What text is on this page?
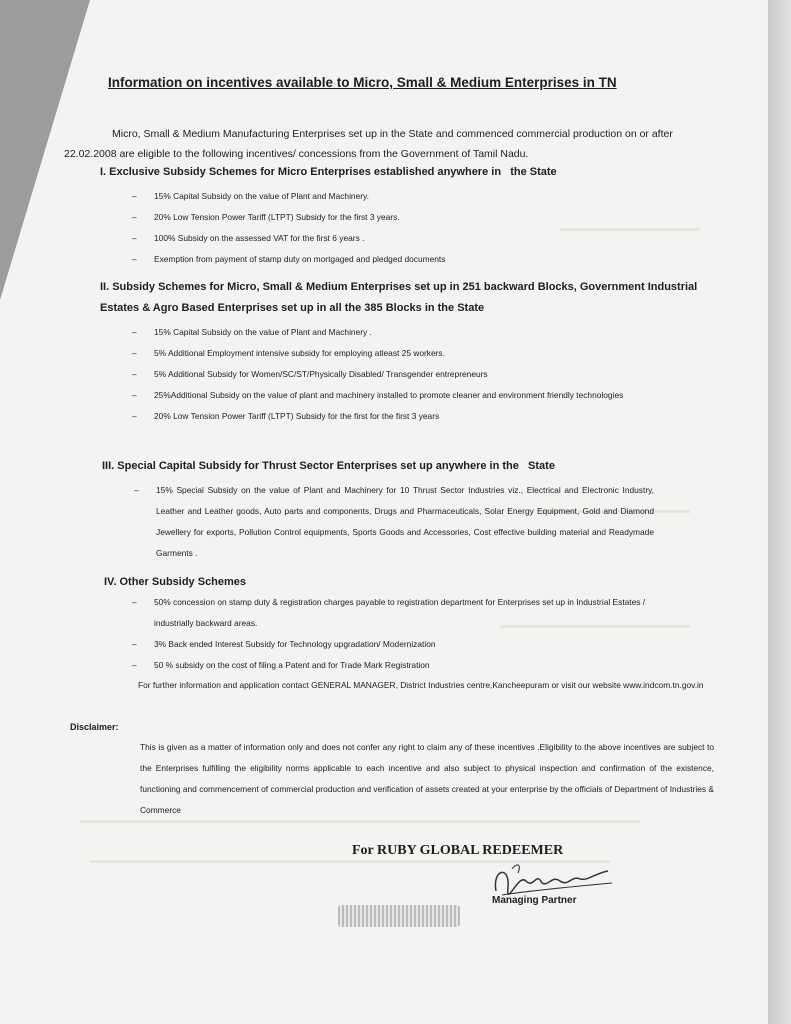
Information on incentives available to Micro, Small & Medium Enterprises in TN
Micro, Small & Medium Manufacturing Enterprises set up in the State and commenced commercial production on or after 22.02.2008 are eligible to the following incentives/ concessions from the Government of Tamil Nadu.
I. Exclusive Subsidy Schemes for Micro Enterprises established anywhere in   the State
– 15% Capital Subsidy on the value of Plant and Machinery.
– 20% Low Tension Power Tariff (LTPT) Subsidy for the first 3 years.
– 100% Subsidy on the assessed VAT for the first 6 years .
– Exemption from payment of stamp duty on mortgaged and pledged documents
II. Subsidy Schemes for Micro, Small & Medium Enterprises set up in 251 backward Blocks, Government Industrial Estates & Agro Based Enterprises set up in all the 385 Blocks in the State
– 15% Capital Subsidy on the value of Plant and Machinery .
– 5% Additional Employment intensive subsidy for employing atleast 25 workers.
– 5% Additional Subsidy for Women/SC/ST/Physically Disabled/ Transgender entrepreneurs
– 25%Additional Subsidy on the value of plant and machinery installed to promote cleaner and environment friendly technologies
– 20% Low Tension Power Tariff (LTPT) Subsidy for the first for the first 3 years
III. Special Capital Subsidy for Thrust Sector Enterprises set up anywhere in the   State
– 15% Special Subsidy on the value of Plant and Machinery for 10 Thrust Sector Industries viz., Electrical and Electronic Industry, Leather and Leather goods, Auto parts and components, Drugs and Pharmaceuticals, Solar Energy Equipment, Gold and Diamond Jewellery for exports, Pollution Control equipments, Sports Goods and Accessories, Cost effective building material and Readymade Garments .
IV. Other Subsidy Schemes
– 50% concession on stamp duty & registration charges payable to registration department for Enterprises set up in Industrial Estates / industrially backward areas.
– 3% Back ended Interest Subsidy for Technology upgradation/ Modernization
– 50 % subsidy on the cost of filing a Patent and for Trade Mark Registration
For further information and application contact GENERAL MANAGER, District Industries centre,Kancheepuram or visit our website www.indcom.tn.gov.in
Disclaimer:
This is given as a matter of information only and does not confer any right to claim any of these incentives .Eligibility to the above incentives are subject to the Enterprises fulfilling the eligibility norms applicable to each incentive and also subject to physical inspection and confirmation of the existence, functioning and commencement of commercial production and verification of assets created at your enterprise by the officials of Department of Industries & Commerce
For RUBY GLOBAL REDEEMER
Managing Partner
